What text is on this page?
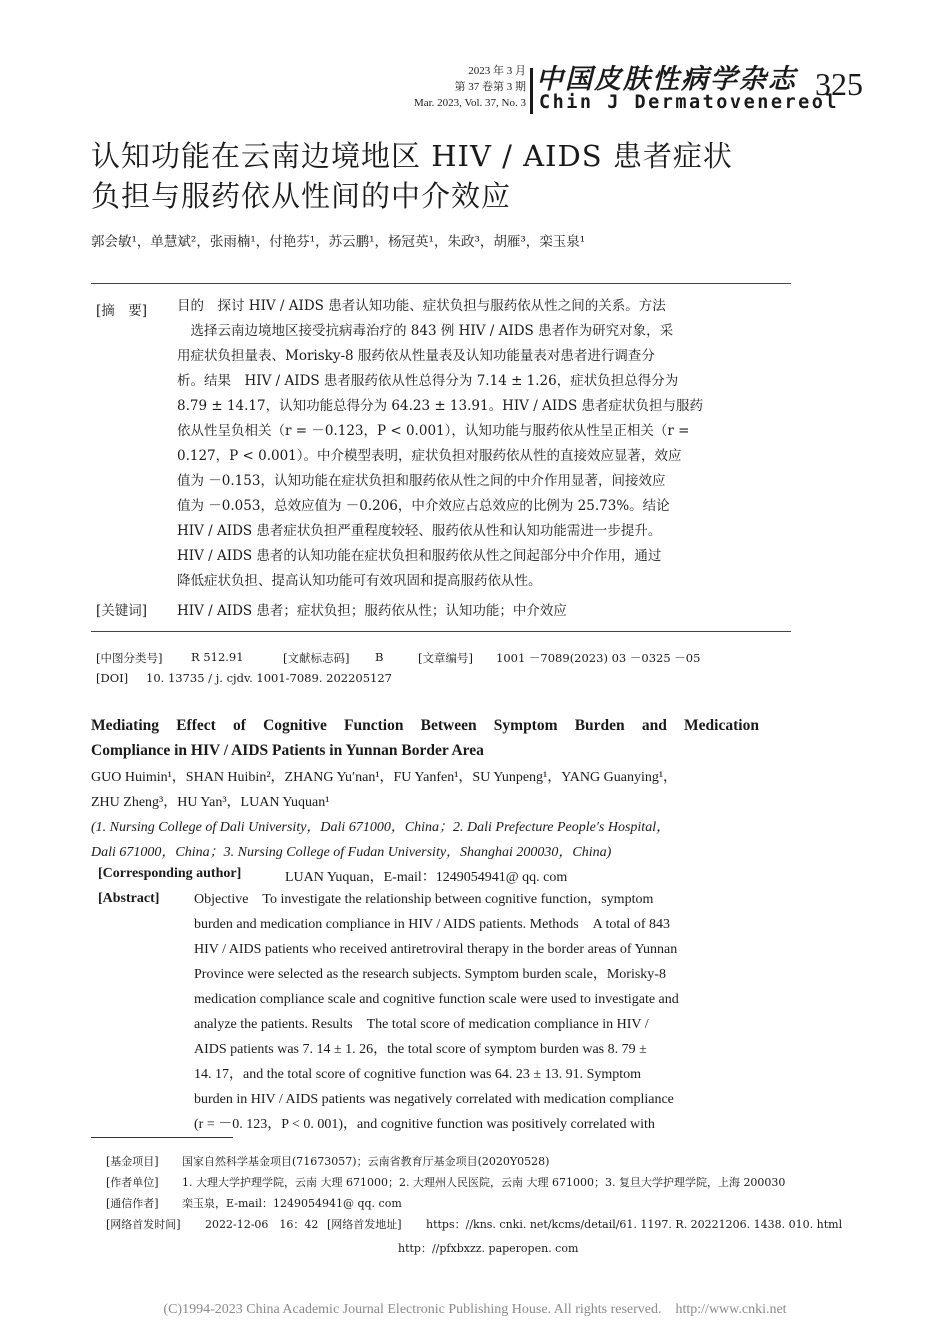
2023 年 3 月
第 37 卷第 3 期
Mar. 2023, Vol. 37, No. 3
中国皮肤性病学杂志
Chin J Dermatovenereol
325
认知功能在云南边境地区 HIV / AIDS 患者症状
负担与服药依从性间的中介效应
郭会敏¹，单慧斌²，张雨楠¹，付艳芬¹，苏云鹏¹，杨冠英¹，朱政³，胡雁³，栾玉泉¹
[摘　要] 目的　探讨 HIV / AIDS 患者认知功能、症状负担与服药依从性之间的关系。方法
　选择云南边境地区接受抗病毒治疗的 843 例 HIV / AIDS 患者作为研究对象，采
用症状负担量表、Morisky-8 服药依从性量表及认知功能量表对患者进行调查分
析。结果　HIV / AIDS 患者服药依从性总得分为 7.14 ± 1.26，症状负担总得分为
8.79 ± 14.17，认知功能总得分为 64.23 ± 13.91。HIV / AIDS 患者症状负担与服药
依从性呈负相关（r = －0.123，P < 0.001），认知功能与服药依从性呈正相关（r =
0.127，P < 0.001）。中介模型表明，症状负担对服药依从性的直接效应显著，效应
值为 －0.153，认知功能在症状负担和服药依从性之间的中介作用显著，间接效应
值为 －0.053，总效应值为 －0.206，中介效应占总效应的比例为 25.73%。结论
HIV / AIDS 患者症状负担严重程度较轻、服药依从性和认知功能需进一步提升。
HIV / AIDS 患者的认知功能在症状负担和服药依从性之间起部分中介作用，通过
降低症状负担、提高认知功能可有效巩固和提高服药依从性。
[关键词] HIV / AIDS 患者；症状负担；服药依从性；认知功能；中介效应
[中图分类号] R 512.91	[文献标志码] B	[文章编号] 1001 －7089(2023) 03 －0325 －05
[DOI] 10. 13735 / j. cjdv. 1001-7089. 202205127
Mediating Effect of Cognitive Function Between Symptom Burden and Medication
Compliance in HIV / AIDS Patients in Yunnan Border Area
GUO Huimin¹，SHAN Huibin²，ZHANG Yu′nan¹，FU Yanfen¹，SU Yunpeng¹，YANG Guanying¹，
ZHU Zheng³，HU Yan³，LUAN Yuquan¹
(1. Nursing College of Dali University，Dali 671000，China；2. Dali Prefecture People′s Hospital，
Dali 671000，China；3. Nursing College of Fudan University，Shanghai 200030，China)
[Corresponding author]	LUAN Yuquan，E-mail：1249054941@ qq. com
[Abstract] Objective　To investigate the relationship between cognitive function，symptom
burden and medication compliance in HIV / AIDS patients. Methods　A total of 843
HIV / AIDS patients who received antiretroviral therapy in the border areas of Yunnan
Province were selected as the research subjects. Symptom burden scale，Morisky-8
medication compliance scale and cognitive function scale were used to investigate and
analyze the patients. Results　The total score of medication compliance in HIV /
AIDS patients was 7. 14 ± 1. 26，the total score of symptom burden was 8. 79 ±
14. 17，and the total score of cognitive function was 64. 23 ± 13. 91. Symptom
burden in HIV / AIDS patients was negatively correlated with medication compliance
(r = －0. 123，P < 0. 001)，and cognitive function was positively correlated with
[基金项目] 国家自然科学基金项目(71673057)；云南省教育厅基金项目(2020Y0528)
[作者单位] 1. 大理大学护理学院，云南 大理 671000；2. 大理州人民医院，云南 大理 671000；3. 复旦大学护理学院，上海 200030
[通信作者] 栾玉泉，E-mail：1249054941@ qq. com
[网络首发时间] 2022-12-06　16：42 [网络首发地址] https：//kns. cnki. net/kcms/detail/61. 1197. R. 20221206. 1438. 010. html
http：//pfxbxzz. paperopen. com
(C)1994-2023 China Academic Journal Electronic Publishing House. All rights reserved.　http://www.cnki.net
